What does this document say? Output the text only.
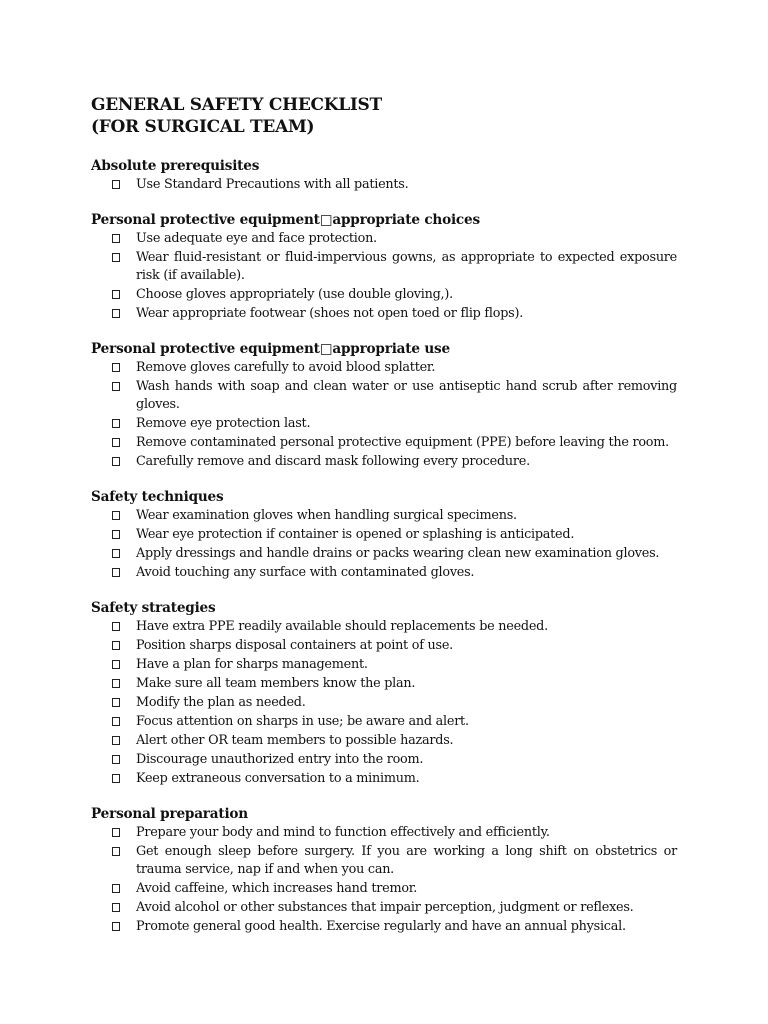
GENERAL SAFETY CHECKLIST
(FOR SURGICAL TEAM)
Absolute prerequisites
Use Standard Precautions with all patients.
Personal protective equipment□appropriate choices
Use adequate eye and face protection.
Wear fluid-resistant or fluid-impervious gowns, as appropriate to expected exposure risk (if available).
Choose gloves appropriately (use double gloving,).
Wear appropriate footwear (shoes not open toed or flip flops).
Personal protective equipment□appropriate use
Remove gloves carefully to avoid blood splatter.
Wash hands with soap and clean water or use antiseptic hand scrub after removing gloves.
Remove eye protection last.
Remove contaminated personal protective equipment (PPE) before leaving the room.
Carefully remove and discard mask following every procedure.
Safety techniques
Wear examination gloves when handling surgical specimens.
Wear eye protection if container is opened or splashing is anticipated.
Apply dressings and handle drains or packs wearing clean new examination gloves.
Avoid touching any surface with contaminated gloves.
Safety strategies
Have extra PPE readily available should replacements be needed.
Position sharps disposal containers at point of use.
Have a plan for sharps management.
Make sure all team members know the plan.
Modify the plan as needed.
Focus attention on sharps in use; be aware and alert.
Alert other OR team members to possible hazards.
Discourage unauthorized entry into the room.
Keep extraneous conversation to a minimum.
Personal preparation
Prepare your body and mind to function effectively and efficiently.
Get enough sleep before surgery. If you are working a long shift on obstetrics or trauma service, nap if and when you can.
Avoid caffeine, which increases hand tremor.
Avoid alcohol or other substances that impair perception, judgment or reflexes.
Promote general good health. Exercise regularly and have an annual physical.
